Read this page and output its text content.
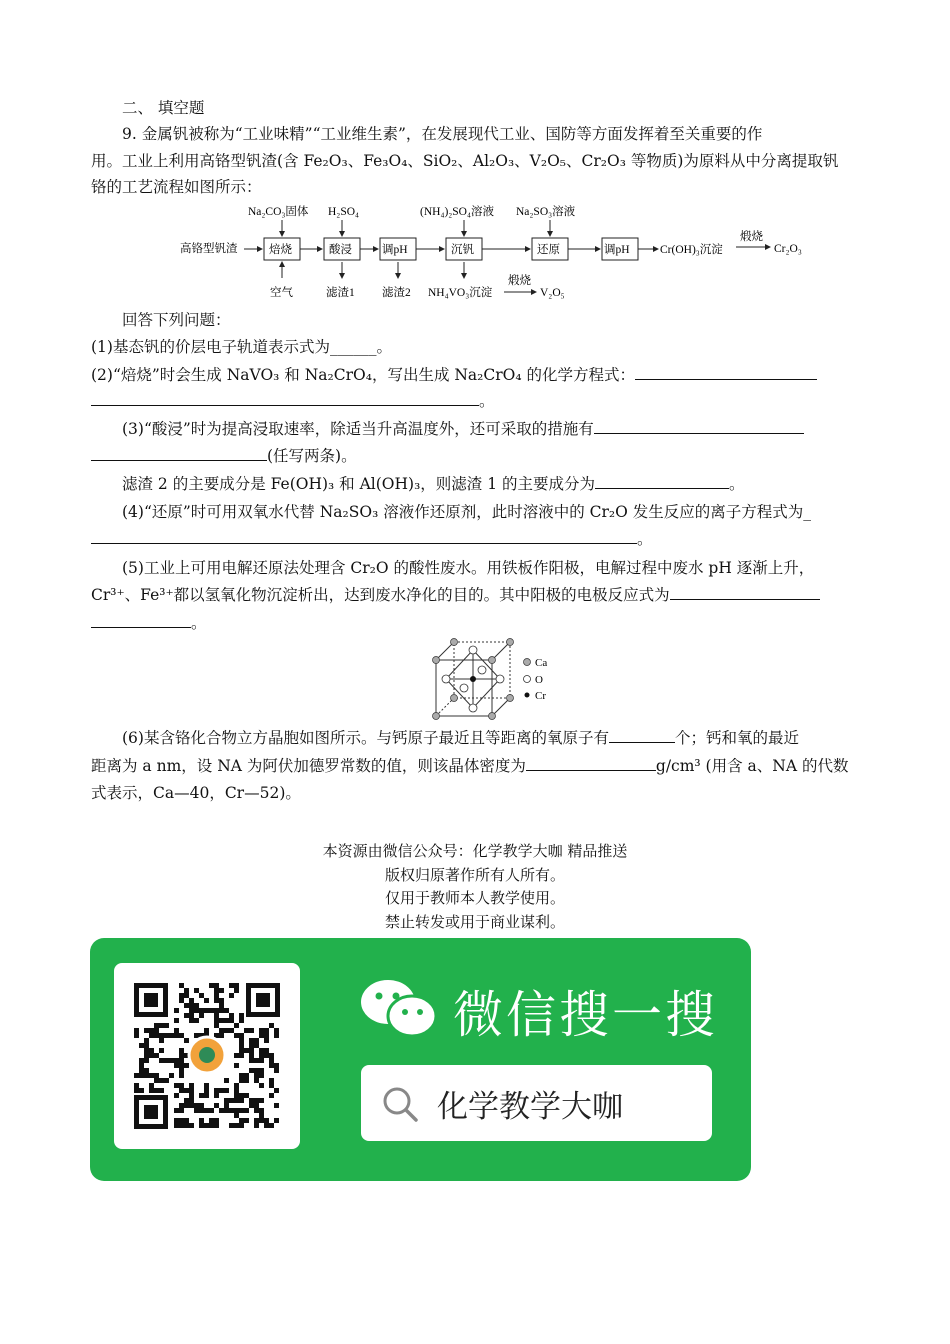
二、 填空题
9. 金属钒被称为“工业味精”“工业维生素”，在发展现代工业、国防等方面发挥着至关重要的作
用。工业上利用高铬型钒渣(含 Fe₂O₃、Fe₃O₄、SiO₂、Al₂O₃、V₂O₅、Cr₂O₃ 等物质)为原料从中分离提取钒
铬的工艺流程如图所示：
高铬型钒渣	焙烧	酸浸	调pH	沉钒	还原	调pH
Na₂CO₃固体 H₂SO₄	(NH₄)₂SO₄溶液 Na₂SO₃溶液
空气	滤渣1 滤渣2 NH₄VO₃沉淀
Cr(OH)₃沉淀
煅烧
Cr₂O₃
煅烧
V₂O₅
回答下列问题：
(1)基态钒的价层电子轨道表示式为______。
(2)“焙烧”时会生成 NaVO₃ 和 Na₂CrO₄，写出生成 Na₂CrO₄ 的化学方程式：
。
(3)“酸浸”时为提高浸取速率，除适当升高温度外，还可采取的措施有
(任写两条)。
滤渣 2 的主要成分是 Fe(OH)₃ 和 Al(OH)₃，则滤渣 1 的主要成分为	。
(4)“还原”时可用双氧水代替 Na₂SO₃ 溶液作还原剂，此时溶液中的 Cr₂O 发生反应的离子方程式为_
。
(5)工业上可用电解还原法处理含 Cr₂O 的酸性废水。用铁板作阳极，电解过程中废水 pH 逐渐上升，
Cr³⁺、Fe³⁺都以氢氧化物沉淀析出，达到废水净化的目的。其中阳极的电极反应式为
。
Ca
O
Cr
(6)某含铬化合物立方晶胞如图所示。与钙原子最近且等距离的氧原子有	个；钙和氧的最近
距离为 a nm，设 NA 为阿伏加德罗常数的值，则该晶体密度为	g/cm³ (用含 a、NA 的代数
式表示，Ca—40，Cr—52)。
本资源由微信公众号：化学教学大咖 精品推送
版权归原著作所有人所有。
仅用于教师本人教学使用。
禁止转发或用于商业谋利。
微信搜一搜
化学教学大咖
